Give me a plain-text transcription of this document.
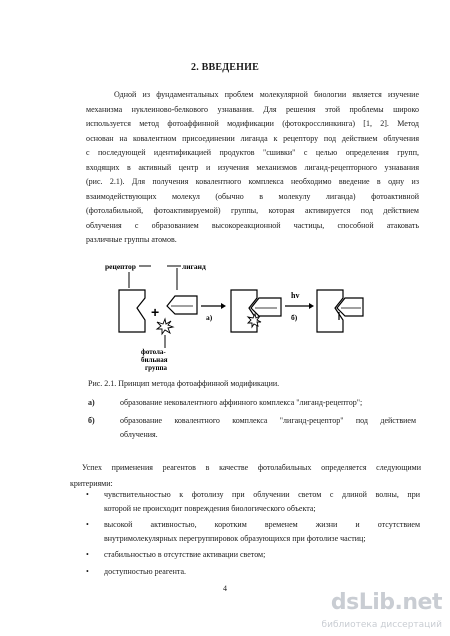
2. ВВЕДЕНИЕ
Одной из фундаментальных проблем молекулярной биологии является изучение
механизма нуклеиново-белкового узнавания. Для решения этой проблемы широко
используется метод фотоаффинной модификации (фотокросслинкинга) [1, 2]. Метод
основан на ковалентном присоединении лиганда к рецептору под действием облучения
с последующей идентификацией продуктов "сшивки" с целью определения групп,
входящих в активный центр и изучения механизмов лиганд-рецепторного узнавания
(рис. 2.1). Для получения ковалентного комплекса необходимо введение в одну из
взаимодействующих молекул (обычно в молекулу лиганда) фотоактивной
(фотолабильной, фотоактивируемой) группы, которая активируется под действием
облучения с образованием высокореакционной частицы, способной атаковать
различные группы атомов.
рецептор	лиганд
+
фотола-
бильная
группа
а)
hv
б)
Рис. 2.1. Принцип метода фотоаффинной модификации.
а)	образование нековалентного аффинного комплекса "лиганд-рецептор";
б)	образование ковалентного комплекса "лиганд-рецептор" под действием
облучения.
Успех применения реагентов в качестве фотолабильных определяется следующими
критериями:
• чувствительностью к фотолизу при облучении светом с длиной волны, при
которой не происходит повреждения биологического объекта;
• высокой активностью, коротким временем жизни и отсутствием
внутримолекулярных перегруппировок образующихся при фотолизе частиц;
• стабильностью в отсутствие активации светом;
• доступностью реагента.
4
dsLib.net
библиотека диссертаций
